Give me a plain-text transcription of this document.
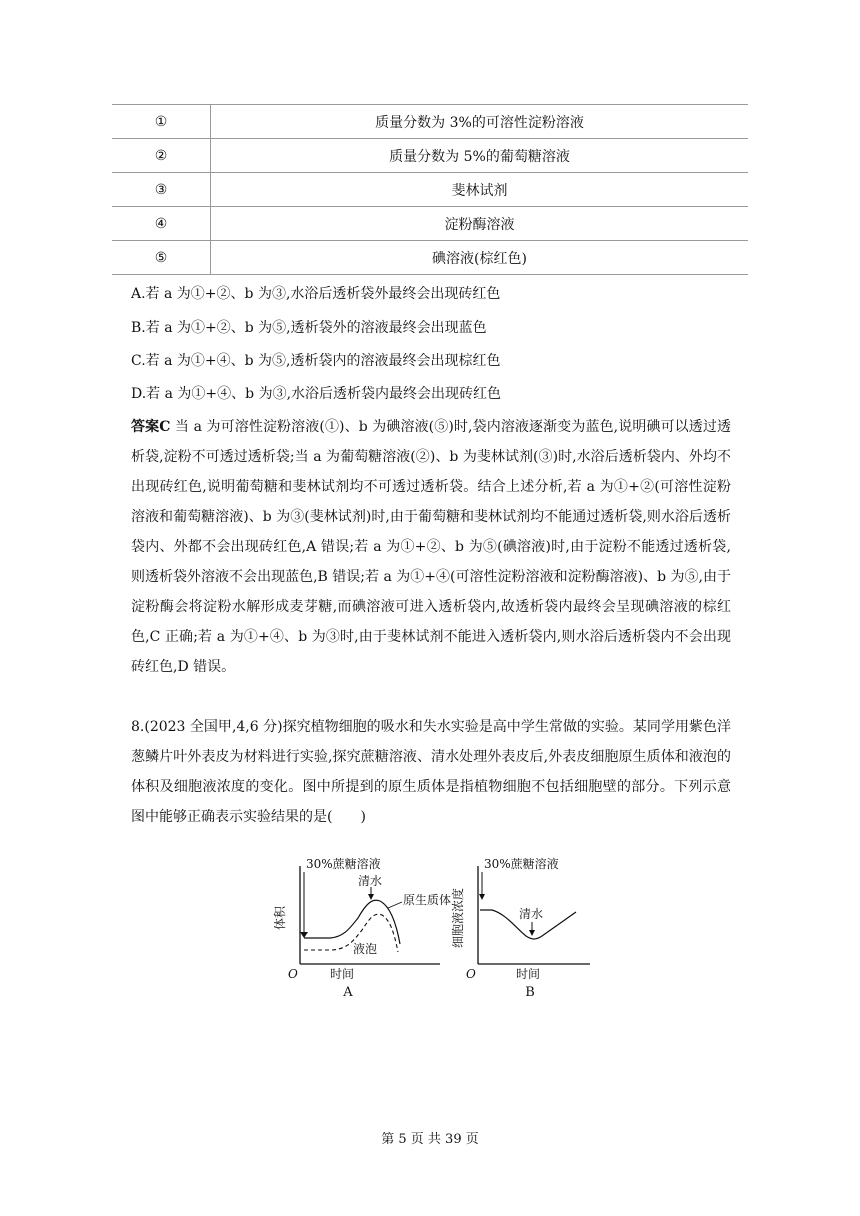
①	质量分数为 3%的可溶性淀粉溶液
②	质量分数为 5%的葡萄糖溶液
③	斐林试剂
④	淀粉酶溶液
⑤	碘溶液(棕红色)
A.若 a 为①+②、b 为③,水浴后透析袋外最终会出现砖红色
B.若 a 为①+②、b 为⑤,透析袋外的溶液最终会出现蓝色
C.若 a 为①+④、b 为⑤,透析袋内的溶液最终会出现棕红色
D.若 a 为①+④、b 为③,水浴后透析袋内最终会出现砖红色
答案C 当 a 为可溶性淀粉溶液(①)、b 为碘溶液(⑤)时,袋内溶液逐渐变为蓝色,说明碘可以透过透析袋,淀粉不可透过透析袋;当 a 为葡萄糖溶液(②)、b 为斐林试剂(③)时,水浴后透析袋内、外均不出现砖红色,说明葡萄糖和斐林试剂均不可透过透析袋。结合上述分析,若 a 为①+②(可溶性淀粉溶液和葡萄糖溶液)、b 为③(斐林试剂)时,由于葡萄糖和斐林试剂均不能通过透析袋,则水浴后透析袋内、外都不会出现砖红色,A 错误;若 a 为①+②、b 为⑤(碘溶液)时,由于淀粉不能透过透析袋,则透析袋外溶液不会出现蓝色,B 错误;若 a 为①+④(可溶性淀粉溶液和淀粉酶溶液)、b 为⑤,由于淀粉酶会将淀粉水解形成麦芽糖,而碘溶液可进入透析袋内,故透析袋内最终会呈现碘溶液的棕红色,C 正确;若 a 为①+④、b 为③时,由于斐林试剂不能进入透析袋内,则水浴后透析袋内不会出现砖红色,D 错误。
8.(2023 全国甲,4,6 分)探究植物细胞的吸水和失水实验是高中学生常做的实验。某同学用紫色洋葱鳞片叶外表皮为材料进行实验,探究蔗糖溶液、清水处理外表皮后,外表皮细胞原生质体和液泡的体积及细胞液浓度的变化。图中所提到的原生质体是指植物细胞不包括细胞壁的部分。下列示意图中能够正确表示实验结果的是(　　)
30%蔗糖溶液
清水
原生质体
液泡
体积
时间
O
A
30%蔗糖溶液
清水
细胞液浓度
时间
O
B
第 5 页 共 39 页
